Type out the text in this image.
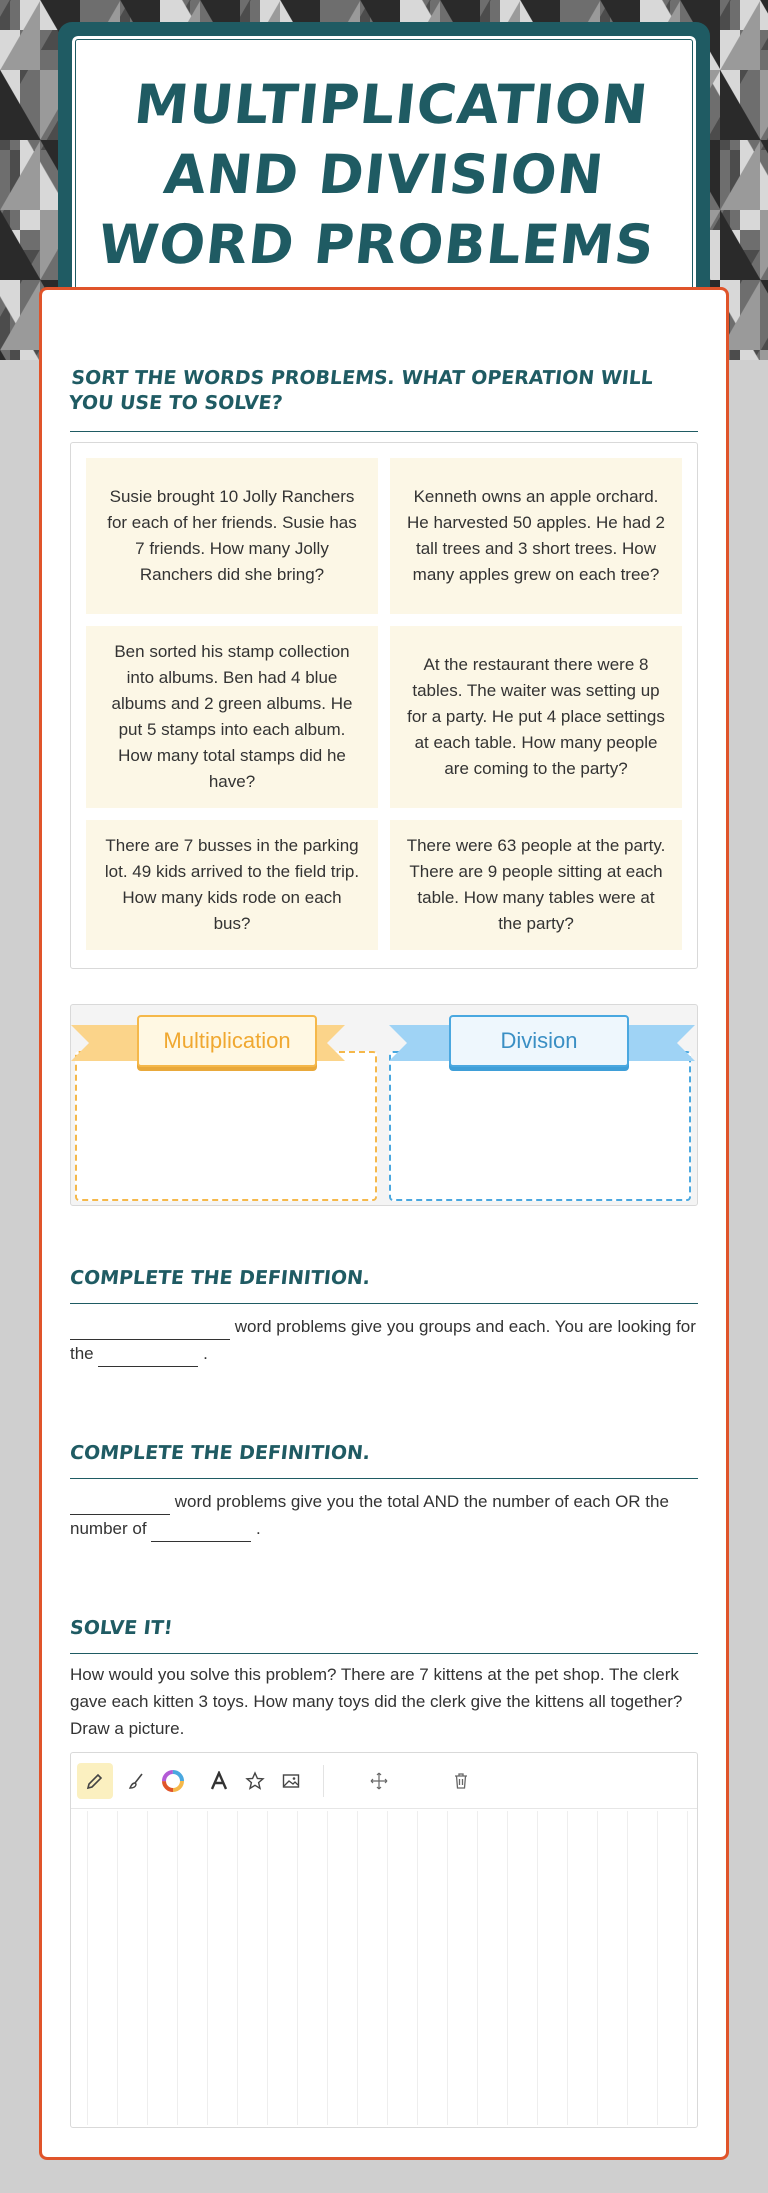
MULTIPLICATION AND DIVISION WORD PROBLEMS
SORT THE WORDS PROBLEMS. WHAT OPERATION WILL YOU USE TO SOLVE?
Susie brought 10 Jolly Ranchers for each of her friends. Susie has 7 friends. How many Jolly Ranchers did she bring?
Kenneth owns an apple orchard. He harvested 50 apples. He had 2 tall trees and 3 short trees. How many apples grew on each tree?
Ben sorted his stamp collection into albums. Ben had 4 blue albums and 2 green albums. He put 5 stamps into each album. How many total stamps did he have?
At the restaurant there were 8 tables. The waiter was setting up for a party. He put 4 place settings at each table. How many people are coming to the party?
There are 7 busses in the parking lot. 49 kids arrived to the field trip. How many kids rode on each bus?
There were 63 people at the party. There are 9 people sitting at each table. How many tables were at the party?
Multiplication	Division
COMPLETE THE DEFINITION.
word problems give you groups and each. You are looking for the	.
COMPLETE THE DEFINITION.
word problems give you the total AND the number of each OR the number of	.
SOLVE IT!
How would you solve this problem? There are 7 kittens at the pet shop. The clerk gave each kitten 3 toys. How many toys did the clerk give the kittens all together? Draw a picture.
